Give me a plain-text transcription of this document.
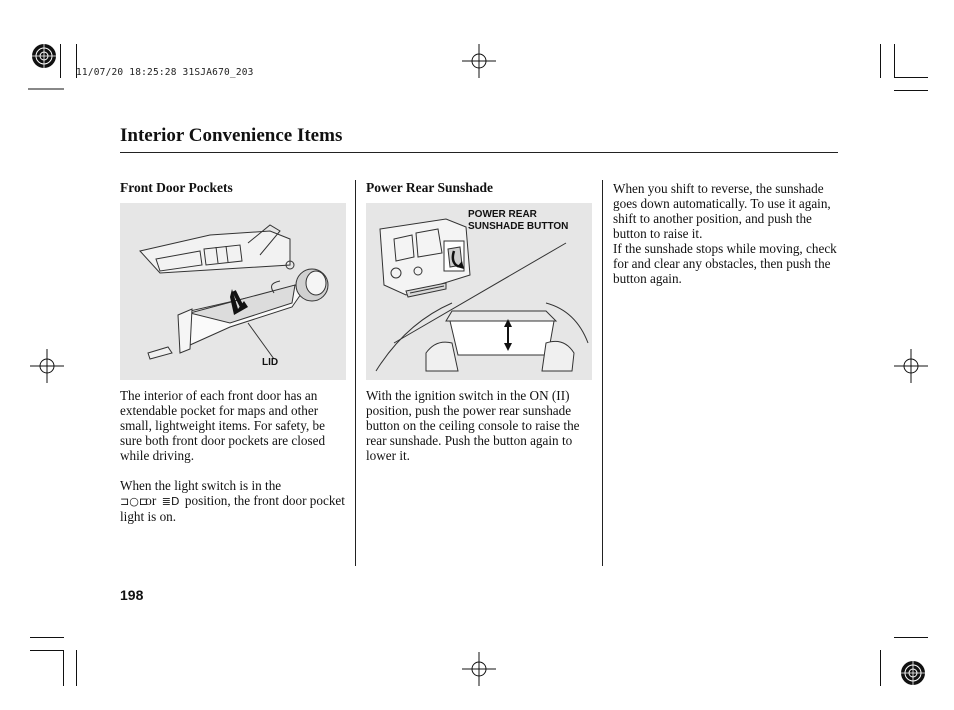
11/07/20 18:25:28 31SJA670_203
Interior Convenience Items
Front Door Pockets
LID

The interior of each front door has an extendable pocket for maps and other small, lightweight items. For safety, be sure both front door pockets are closed while driving.

When the light switch is in the
⊐○⊏ or ≣D position, the front door pocket light is on.

Power Rear Sunshade
POWER REAR
SUNSHADE BUTTON

With the ignition switch in the ON (II) position, push the power rear sunshade button on the ceiling console to raise the rear sunshade. Push the button again to lower it.

When you shift to reverse, the sunshade goes down automatically. To use it again, shift to another position, and push the button to raise it.

If the sunshade stops while moving, check for and clear any obstacles, then push the button again.

198
